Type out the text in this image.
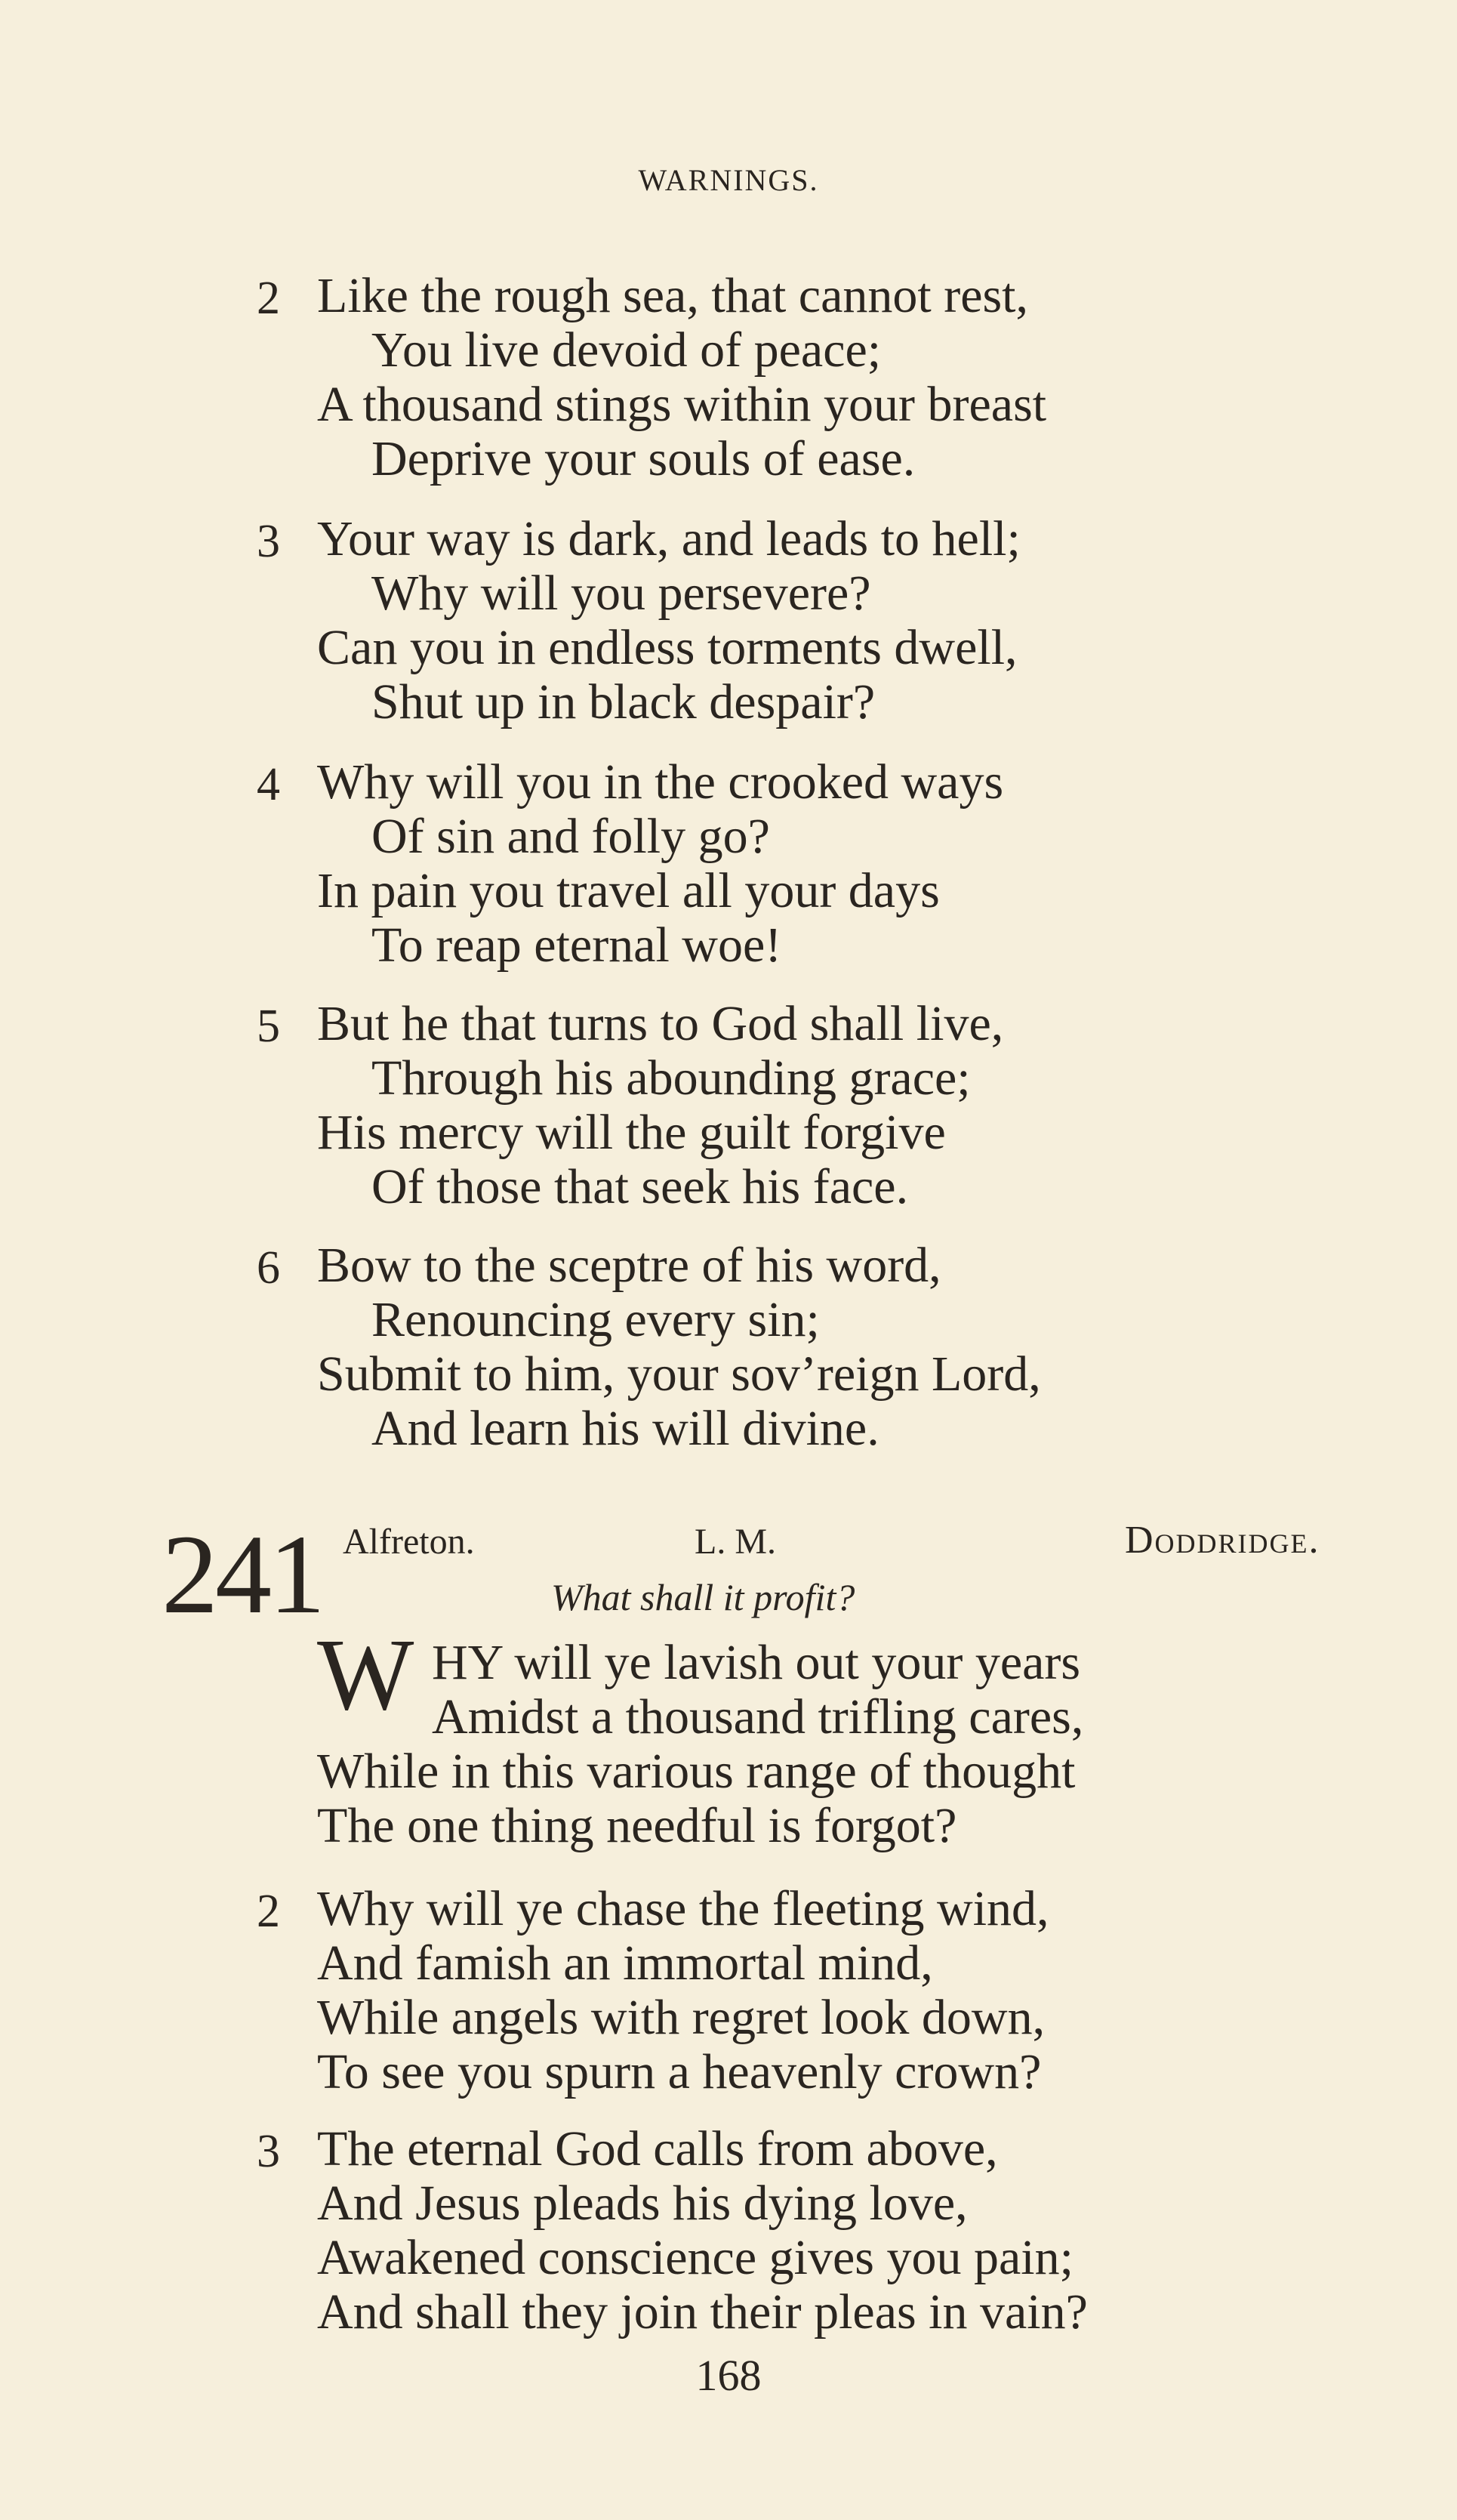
WARNINGS.
2 Like the rough sea, that cannot rest,
You live devoid of peace;
A thousand stings within your breast
Deprive your souls of ease.
3 Your way is dark, and leads to hell;
Why will you persevere?
Can you in endless torments dwell,
Shut up in black despair?
4 Why will you in the crooked ways
Of sin and folly go?
In pain you travel all your days
To reap eternal woe!
5 But he that turns to God shall live,
Through his abounding grace;
His mercy will the guilt forgive
Of those that seek his face.
6 Bow to the sceptre of his word,
Renouncing every sin;
Submit to him, your sov’reign Lord,
And learn his will divine.
241 Alfreton.	L. M.	Doddridge.
What shall it profit?
W HY will ye lavish out your years
Amidst a thousand trifling cares,
While in this various range of thought
The one thing needful is forgot?
2 Why will ye chase the fleeting wind,
And famish an immortal mind,
While angels with regret look down,
To see you spurn a heavenly crown?
3 The eternal God calls from above,
And Jesus pleads his dying love,
Awakened conscience gives you pain;
And shall they join their pleas in vain?
168
